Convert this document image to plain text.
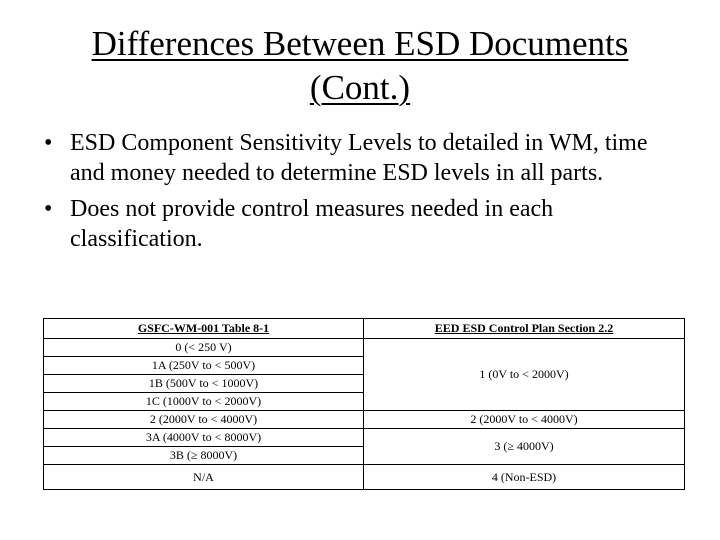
Differences Between ESD Documents
(Cont.)
• ESD Component Sensitivity Levels to detailed in WM, time and money needed to determine ESD levels in all parts.
• Does not provide control measures needed in each classification.
GSFC-WM-001 Table 8-1	EED ESD Control Plan Section 2.2
0 (< 250 V)	1 (0V to < 2000V)
1A (250V to < 500V)	
1B (500V to < 1000V)	
1C (1000V to < 2000V)	
2 (2000V to < 4000V)	2 (2000V to < 4000V)
3A (4000V to < 8000V)	3 (≥ 4000V)
3B (≥ 8000V)	
N/A	4 (Non-ESD)
